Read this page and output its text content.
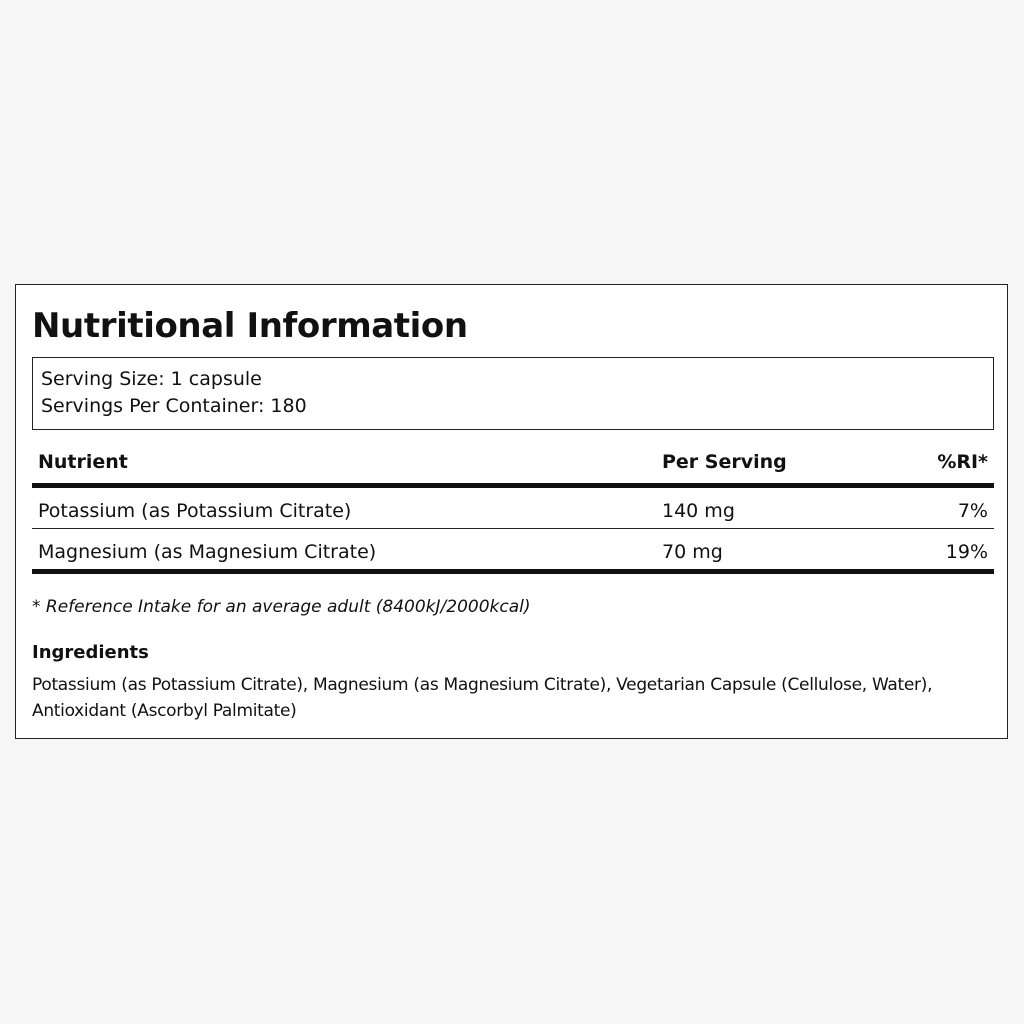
Nutritional Information
Serving Size: 1 capsule
Servings Per Container: 180
Nutrient	Per Serving	%RI*
Potassium (as Potassium Citrate)	140 mg	7%
Magnesium (as Magnesium Citrate)	70 mg	19%
* Reference Intake for an average adult (8400kJ/2000kcal)
Ingredients

Potassium (as Potassium Citrate), Magnesium (as Magnesium Citrate), Vegetarian Capsule (Cellulose, Water), Antioxidant (Ascorbyl Palmitate)
